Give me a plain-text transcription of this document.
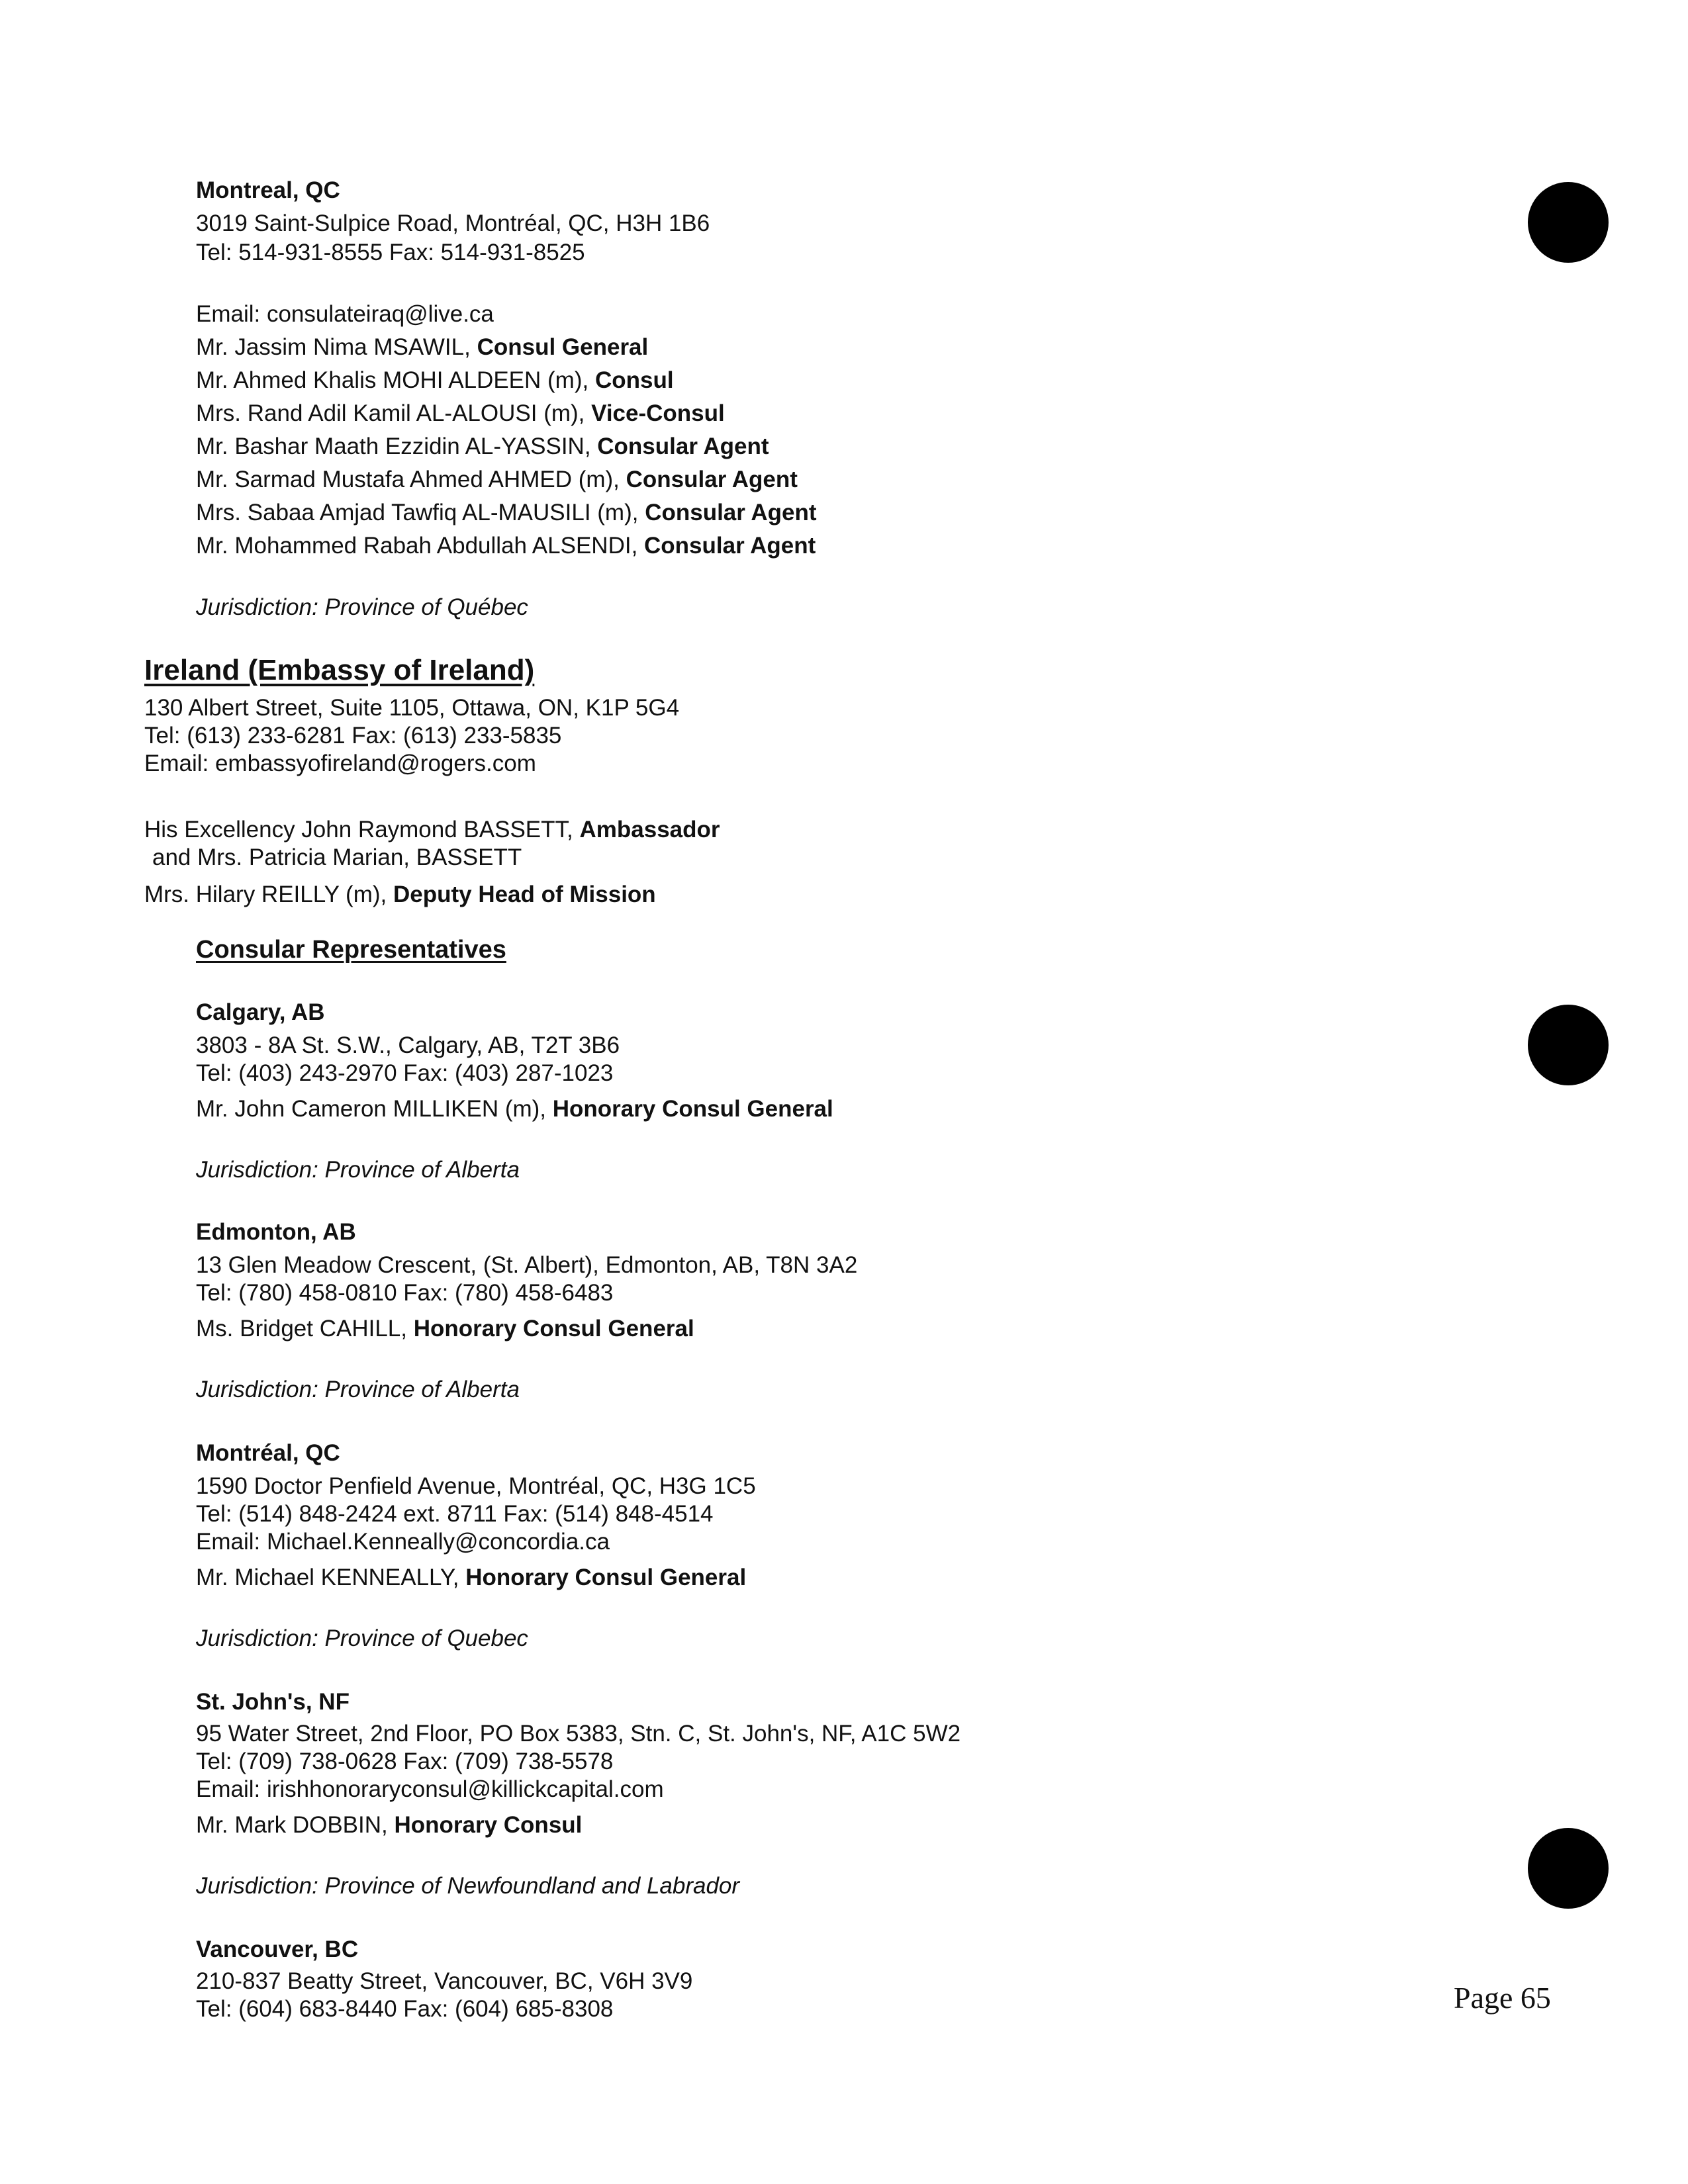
Montreal, QC
3019 Saint-Sulpice Road, Montréal, QC, H3H 1B6
Tel: 514-931-8555 Fax: 514-931-8525
Email: consulateiraq@live.ca
Mr. Jassim Nima MSAWIL, Consul General
Mr. Ahmed Khalis MOHI ALDEEN (m), Consul
Mrs. Rand Adil Kamil AL-ALOUSI (m), Vice-Consul
Mr. Bashar Maath Ezzidin AL-YASSIN, Consular Agent
Mr. Sarmad Mustafa Ahmed AHMED (m), Consular Agent
Mrs. Sabaa Amjad Tawfiq AL-MAUSILI (m), Consular Agent
Mr. Mohammed Rabah Abdullah ALSENDI, Consular Agent
Jurisdiction: Province of Québec
Ireland (Embassy of Ireland)
130 Albert Street, Suite 1105, Ottawa, ON, K1P 5G4
Tel: (613) 233-6281 Fax: (613) 233-5835
Email: embassyofireland@rogers.com
His Excellency John Raymond BASSETT, Ambassador
and Mrs. Patricia Marian, BASSETT
Mrs. Hilary REILLY (m), Deputy Head of Mission
Consular Representatives
Calgary, AB
3803 - 8A St. S.W., Calgary, AB, T2T 3B6
Tel: (403) 243-2970 Fax: (403) 287-1023
Mr. John Cameron MILLIKEN (m), Honorary Consul General
Jurisdiction: Province of Alberta
Edmonton, AB
13 Glen Meadow Crescent, (St. Albert), Edmonton, AB, T8N 3A2
Tel: (780) 458-0810 Fax: (780) 458-6483
Ms. Bridget CAHILL, Honorary Consul General
Jurisdiction: Province of Alberta
Montréal, QC
1590 Doctor Penfield Avenue, Montréal, QC, H3G 1C5
Tel: (514) 848-2424 ext. 8711 Fax: (514) 848-4514
Email: Michael.Kenneally@concordia.ca
Mr. Michael KENNEALLY, Honorary Consul General
Jurisdiction: Province of Quebec
St. John's, NF
95 Water Street, 2nd Floor, PO Box 5383, Stn. C, St. John's, NF, A1C 5W2
Tel: (709) 738-0628 Fax: (709) 738-5578
Email: irishhonoraryconsul@killickcapital.com
Mr. Mark DOBBIN, Honorary Consul
Jurisdiction: Province of Newfoundland and Labrador
Vancouver, BC
210-837 Beatty Street, Vancouver, BC, V6H 3V9
Tel: (604) 683-8440 Fax: (604) 685-8308	Page 65
